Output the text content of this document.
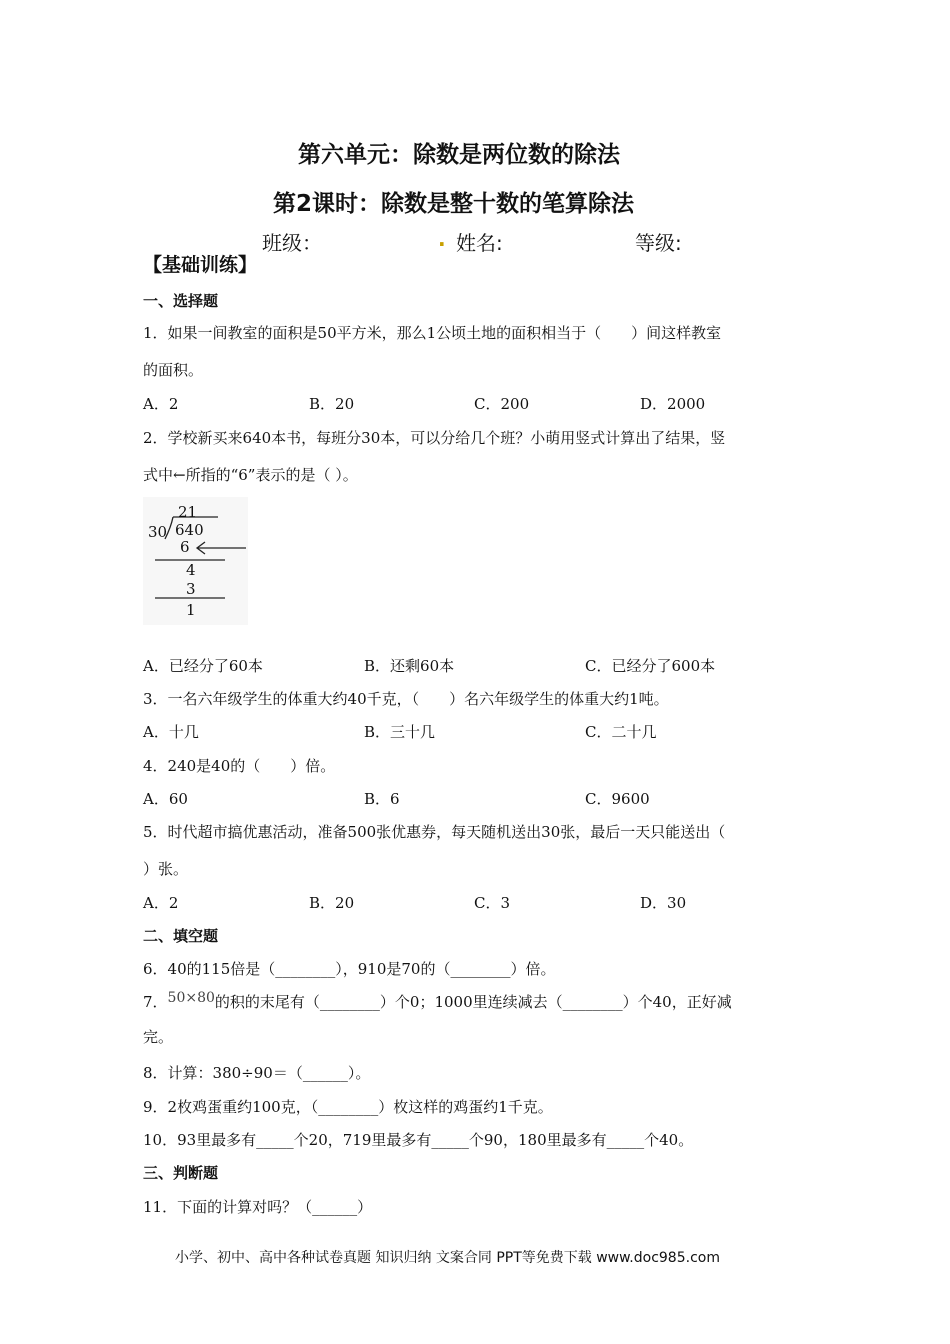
第六单元：除数是两位数的除法
第2课时：除数是整十数的笔算除法
班级：	. 姓名:	等级:
【基础训练】
一、选择题
1．如果一间教室的面积是50平方米，那么1公顷土地的面积相当于（　　）间这样教室
的面积。
A．2	B．20	C．200	D．2000
2．学校新买来640本书，每班分30本，可以分给几个班？小萌用竖式计算出了结果，竖
式中←所指的“6”表示的是（ ）。
21
30 640
6
4
3
1
A．已经分了60本	B．还剩60本	C．已经分了600本
3．一名六年级学生的体重大约40千克，（　　）名六年级学生的体重大约1吨。
A．十几	B．三十几	C．二十几
4．240是40的（　　）倍。
A．60	B．6	C．9600
5．时代超市搞优惠活动，准备500张优惠券，每天随机送出30张，最后一天只能送出（
）张。
A．2	B．20	C．3	D．30
二、填空题
6．40的115倍是（________），910是70的（________）倍。
7．50×80的积的末尾有（________）个0；1000里连续减去（________）个40，正好减
完。
8．计算：380÷90＝（______）。
9．2枚鸡蛋重约100克，（________）枚这样的鸡蛋约1千克。
10．93里最多有_____个20，719里最多有_____个90，180里最多有_____个40。
三、判断题
11．下面的计算对吗？（______）
小学、初中、高中各种试卷真题 知识归纳 文案合同 PPT等免费下载 www.doc985.com
